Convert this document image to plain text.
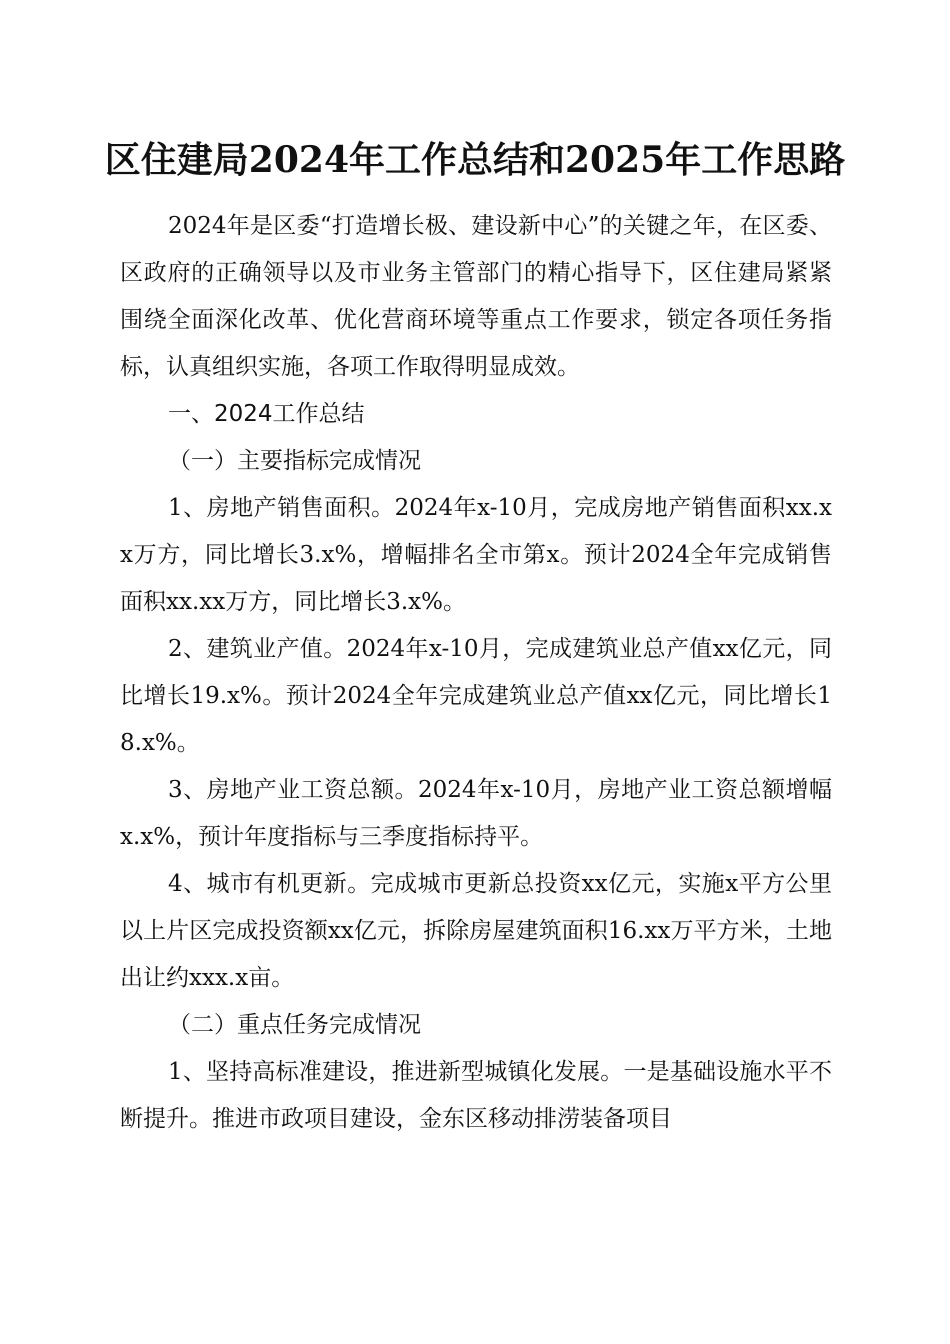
区住建局2024年工作总结和2025年工作思路

2024年是区委“打造增长极、建设新中心”的关键之年，在区委、区政府的正确领导以及市业务主管部门的精心指导下，区住建局紧紧围绕全面深化改革、优化营商环境等重点工作要求，锁定各项任务指标，认真组织实施，各项工作取得明显成效。

一、2024工作总结

（一）主要指标完成情况

1、房地产销售面积。2024年x-10月，完成房地产销售面积xx.xx万方，同比增长3.x%，增幅排名全市第x。预计2024全年完成销售面积xx.xx万方，同比增长3.x%。

2、建筑业产值。2024年x-10月，完成建筑业总产值xx亿元，同比增长19.x%。预计2024全年完成建筑业总产值xx亿元，同比增长18.x%。

3、房地产业工资总额。2024年x-10月，房地产业工资总额增幅x.x%，预计年度指标与三季度指标持平。

4、城市有机更新。完成城市更新总投资xx亿元，实施x平方公里以上片区完成投资额xx亿元，拆除房屋建筑面积16.xx万平方米，土地出让约xxx.x亩。

（二）重点任务完成情况

1、坚持高标准建设，推进新型城镇化发展。一是基础设施水平不断提升。推进市政项目建设，金东区移动排涝装备项目
